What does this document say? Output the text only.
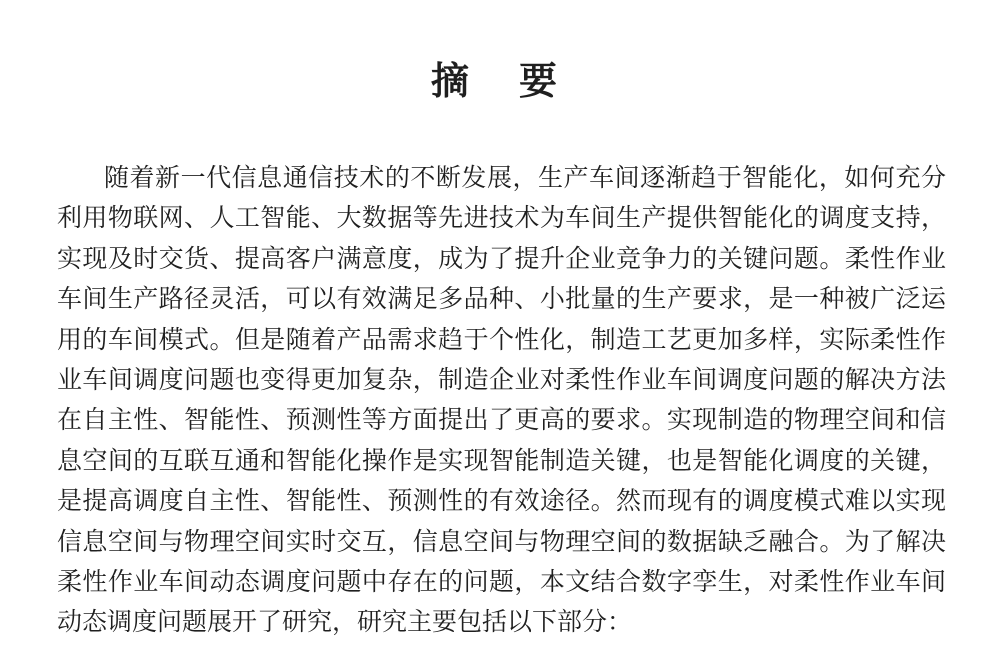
摘　要
随着新一代信息通信技术的不断发展，生产车间逐渐趋于智能化，如何充分
利用物联网、人工智能、大数据等先进技术为车间生产提供智能化的调度支持，
实现及时交货、提高客户满意度，成为了提升企业竞争力的关键问题。柔性作业
车间生产路径灵活，可以有效满足多品种、小批量的生产要求，是一种被广泛运
用的车间模式。但是随着产品需求趋于个性化，制造工艺更加多样，实际柔性作
业车间调度问题也变得更加复杂，制造企业对柔性作业车间调度问题的解决方法
在自主性、智能性、预测性等方面提出了更高的要求。实现制造的物理空间和信
息空间的互联互通和智能化操作是实现智能制造关键，也是智能化调度的关键，
是提高调度自主性、智能性、预测性的有效途径。然而现有的调度模式难以实现
信息空间与物理空间实时交互，信息空间与物理空间的数据缺乏融合。为了解决
柔性作业车间动态调度问题中存在的问题，本文结合数字孪生，对柔性作业车间
动态调度问题展开了研究，研究主要包括以下部分：
